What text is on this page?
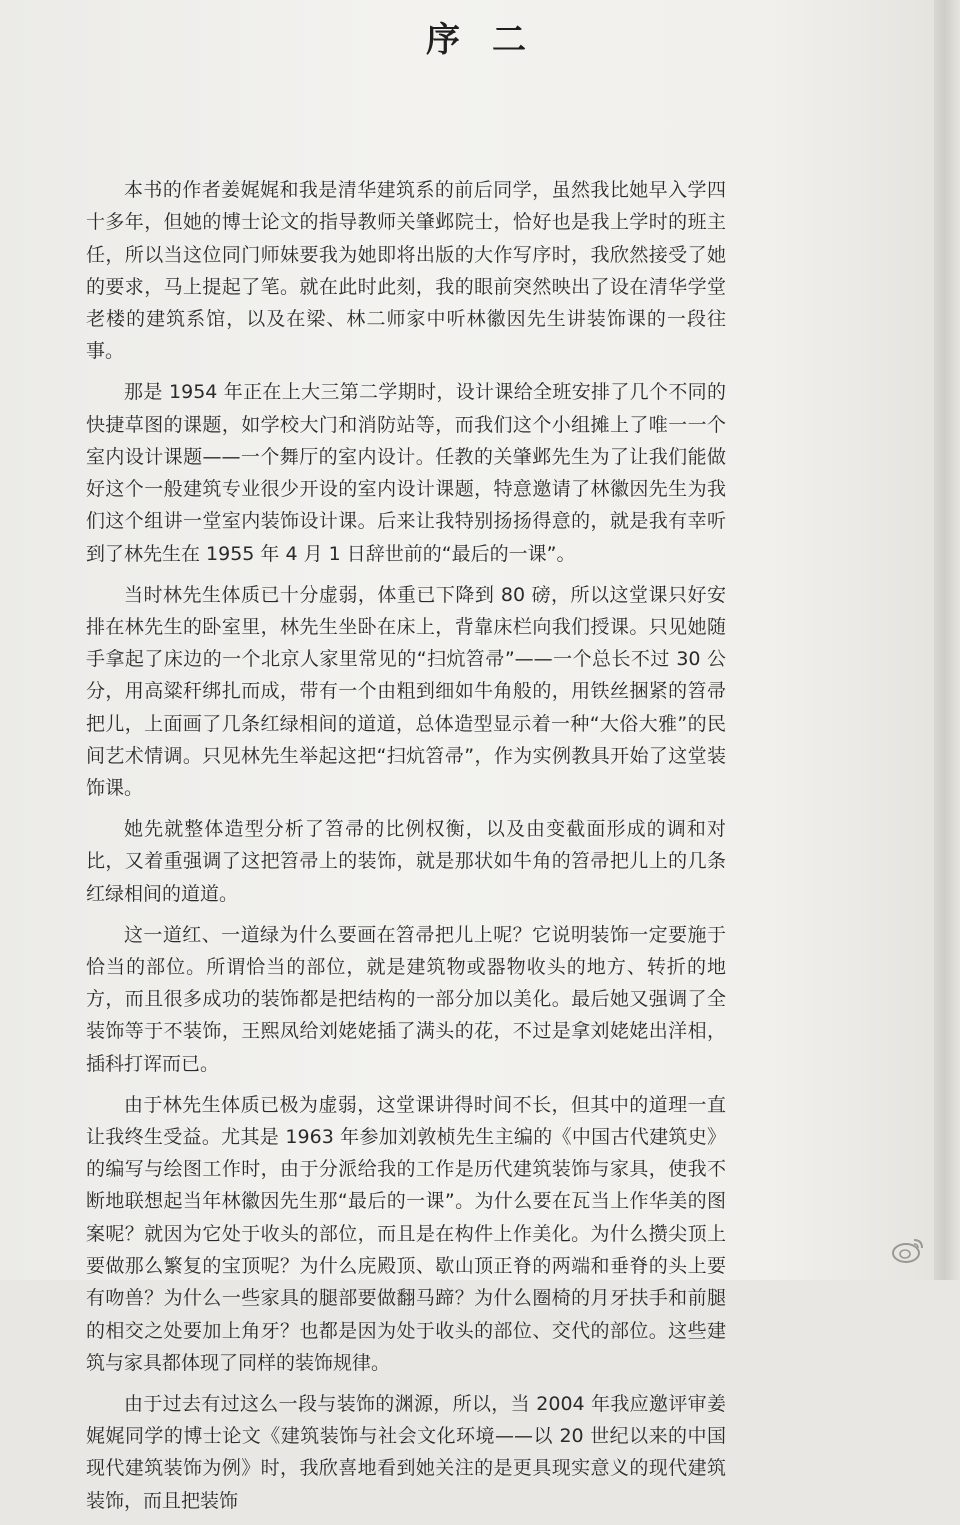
序二

本书的作者姜娓娓和我是清华建筑系的前后同学，虽然我比她早入学四十多年，但她的博士论文的指导教师关肇邺院士，恰好也是我上学时的班主任，所以当这位同门师妹要我为她即将出版的大作写序时，我欣然接受了她的要求，马上提起了笔。就在此时此刻，我的眼前突然映出了设在清华学堂老楼的建筑系馆，以及在梁、林二师家中听林徽因先生讲装饰课的一段往事。

那是 1954 年正在上大三第二学期时，设计课给全班安排了几个不同的快捷草图的课题，如学校大门和消防站等，而我们这个小组摊上了唯一一个室内设计课题——一个舞厅的室内设计。任教的关肇邺先生为了让我们能做好这个一般建筑专业很少开设的室内设计课题，特意邀请了林徽因先生为我们这个组讲一堂室内装饰设计课。后来让我特别扬扬得意的，就是我有幸听到了林先生在 1955 年 4 月 1 日辞世前的“最后的一课”。

当时林先生体质已十分虚弱，体重已下降到 80 磅，所以这堂课只好安排在林先生的卧室里，林先生坐卧在床上，背靠床栏向我们授课。只见她随手拿起了床边的一个北京人家里常见的“扫炕笤帚”——一个总长不过 30 公分，用高粱秆绑扎而成，带有一个由粗到细如牛角般的，用铁丝捆紧的笤帚把儿，上面画了几条红绿相间的道道，总体造型显示着一种“大俗大雅”的民间艺术情调。只见林先生举起这把“扫炕笤帚”，作为实例教具开始了这堂装饰课。

她先就整体造型分析了笤帚的比例权衡，以及由变截面形成的调和对比，又着重强调了这把笤帚上的装饰，就是那状如牛角的笤帚把儿上的几条红绿相间的道道。

这一道红、一道绿为什么要画在笤帚把儿上呢？它说明装饰一定要施于恰当的部位。所谓恰当的部位，就是建筑物或器物收头的地方、转折的地方，而且很多成功的装饰都是把结构的一部分加以美化。最后她又强调了全装饰等于不装饰，王熙凤给刘姥姥插了满头的花，不过是拿刘姥姥出洋相，插科打诨而已。

由于林先生体质已极为虚弱，这堂课讲得时间不长，但其中的道理一直让我终生受益。尤其是 1963 年参加刘敦桢先生主编的《中国古代建筑史》的编写与绘图工作时，由于分派给我的工作是历代建筑装饰与家具，使我不断地联想起当年林徽因先生那“最后的一课”。为什么要在瓦当上作华美的图案呢？就因为它处于收头的部位，而且是在构件上作美化。为什么攒尖顶上要做那么繁复的宝顶呢？为什么庑殿顶、歇山顶正脊的两端和垂脊的头上要有吻兽？为什么一些家具的腿部要做翻马蹄？为什么圈椅的月牙扶手和前腿的相交之处要加上角牙？也都是因为处于收头的部位、交代的部位。这些建筑与家具都体现了同样的装饰规律。

由于过去有过这么一段与装饰的渊源，所以，当 2004 年我应邀评审姜娓娓同学的博士论文《建筑装饰与社会文化环境——以 20 世纪以来的中国现代建筑装饰为例》时，我欣喜地看到她关注的是更具现实意义的现代建筑装饰，而且把装饰
